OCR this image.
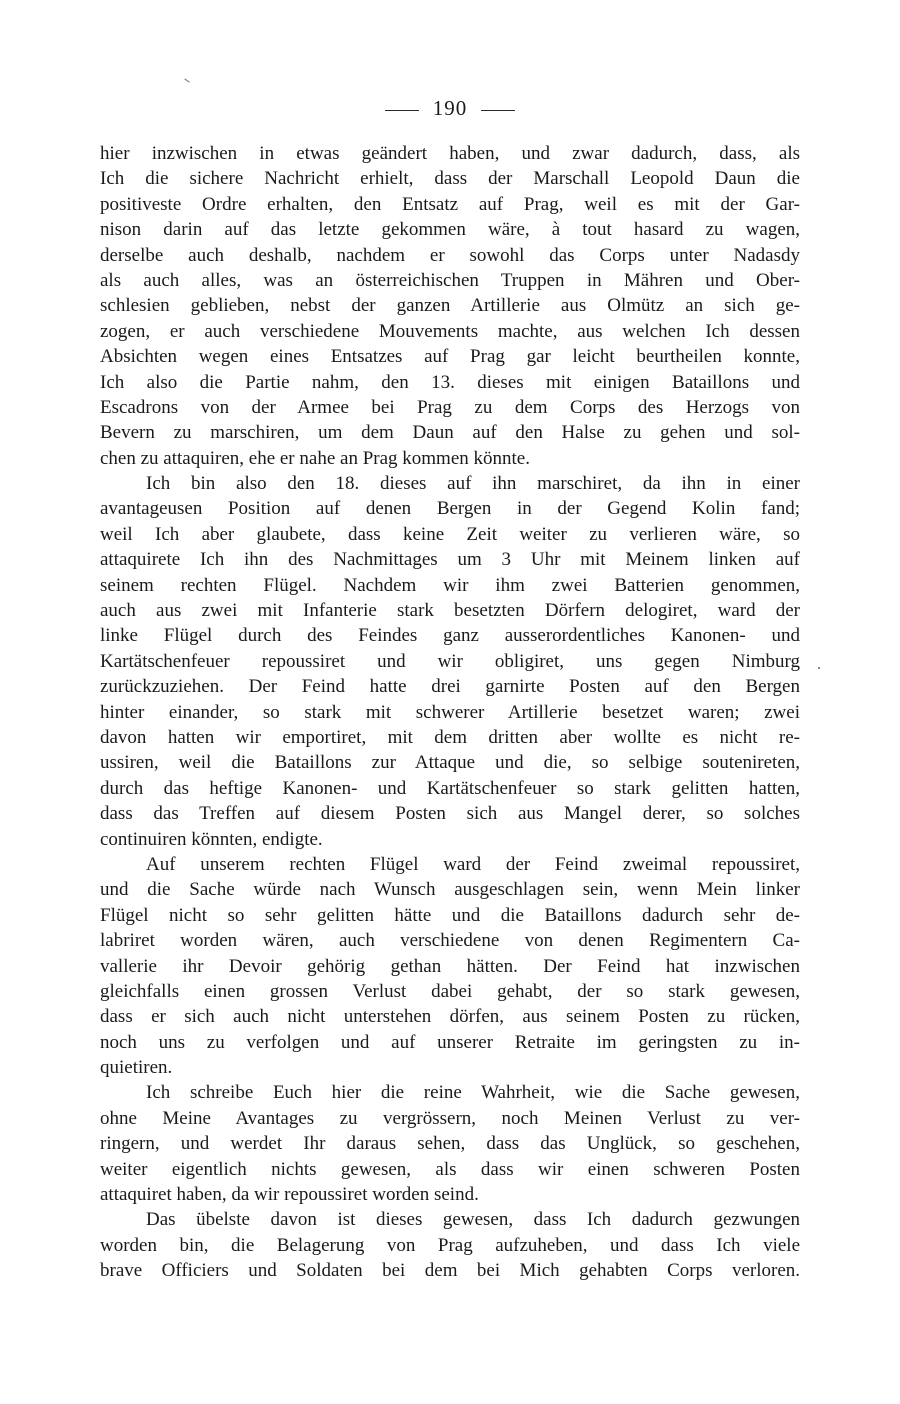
190
hier inzwischen in etwas geändert haben, und zwar dadurch, dass, als
Ich die sichere Nachricht erhielt, dass der Marschall Leopold Daun die
positiveste Ordre erhalten, den Entsatz auf Prag, weil es mit der Gar-
nison darin auf das letzte gekommen wäre, à tout hasard zu wagen,
derselbe auch deshalb, nachdem er sowohl das Corps unter Nadasdy
als auch alles, was an österreichischen Truppen in Mähren und Ober-
schlesien geblieben, nebst der ganzen Artillerie aus Olmütz an sich ge-
zogen, er auch verschiedene Mouvements machte, aus welchen Ich dessen
Absichten wegen eines Entsatzes auf Prag gar leicht beurtheilen konnte,
Ich also die Partie nahm, den 13. dieses mit einigen Bataillons und
Escadrons von der Armee bei Prag zu dem Corps des Herzogs von
Bevern zu marschiren, um dem Daun auf den Halse zu gehen und sol-
chen zu attaquiren, ehe er nahe an Prag kommen könnte.
Ich bin also den 18. dieses auf ihn marschiret, da ihn in einer
avantageusen Position auf denen Bergen in der Gegend Kolin fand;
weil Ich aber glaubete, dass keine Zeit weiter zu verlieren wäre, so
attaquirete Ich ihn des Nachmittages um 3 Uhr mit Meinem linken auf
seinem rechten Flügel. Nachdem wir ihm zwei Batterien genommen,
auch aus zwei mit Infanterie stark besetzten Dörfern delogiret, ward der
linke Flügel durch des Feindes ganz ausserordentliches Kanonen- und
Kartätschenfeuer repoussiret und wir obligiret, uns gegen Nimburg
zurückzuziehen. Der Feind hatte drei garnirte Posten auf den Bergen
hinter einander, so stark mit schwerer Artillerie besetzet waren; zwei
davon hatten wir emportiret, mit dem dritten aber wollte es nicht re-
ussiren, weil die Bataillons zur Attaque und die, so selbige soutenireten,
durch das heftige Kanonen- und Kartätschenfeuer so stark gelitten hatten,
dass das Treffen auf diesem Posten sich aus Mangel derer, so solches
continuiren könnten, endigte.
Auf unserem rechten Flügel ward der Feind zweimal repoussiret,
und die Sache würde nach Wunsch ausgeschlagen sein, wenn Mein linker
Flügel nicht so sehr gelitten hätte und die Bataillons dadurch sehr de-
labriret worden wären, auch verschiedene von denen Regimentern Ca-
vallerie ihr Devoir gehörig gethan hätten. Der Feind hat inzwischen
gleichfalls einen grossen Verlust dabei gehabt, der so stark gewesen,
dass er sich auch nicht unterstehen dörfen, aus seinem Posten zu rücken,
noch uns zu verfolgen und auf unserer Retraite im geringsten zu in-
quietiren.
Ich schreibe Euch hier die reine Wahrheit, wie die Sache gewesen,
ohne Meine Avantages zu vergrössern, noch Meinen Verlust zu ver-
ringern, und werdet Ihr daraus sehen, dass das Unglück, so geschehen,
weiter eigentlich nichts gewesen, als dass wir einen schweren Posten
attaquiret haben, da wir repoussiret worden seind.
Das übelste davon ist dieses gewesen, dass Ich dadurch gezwungen
worden bin, die Belagerung von Prag aufzuheben, und dass Ich viele
brave Officiers und Soldaten bei dem bei Mich gehabten Corps verloren.
